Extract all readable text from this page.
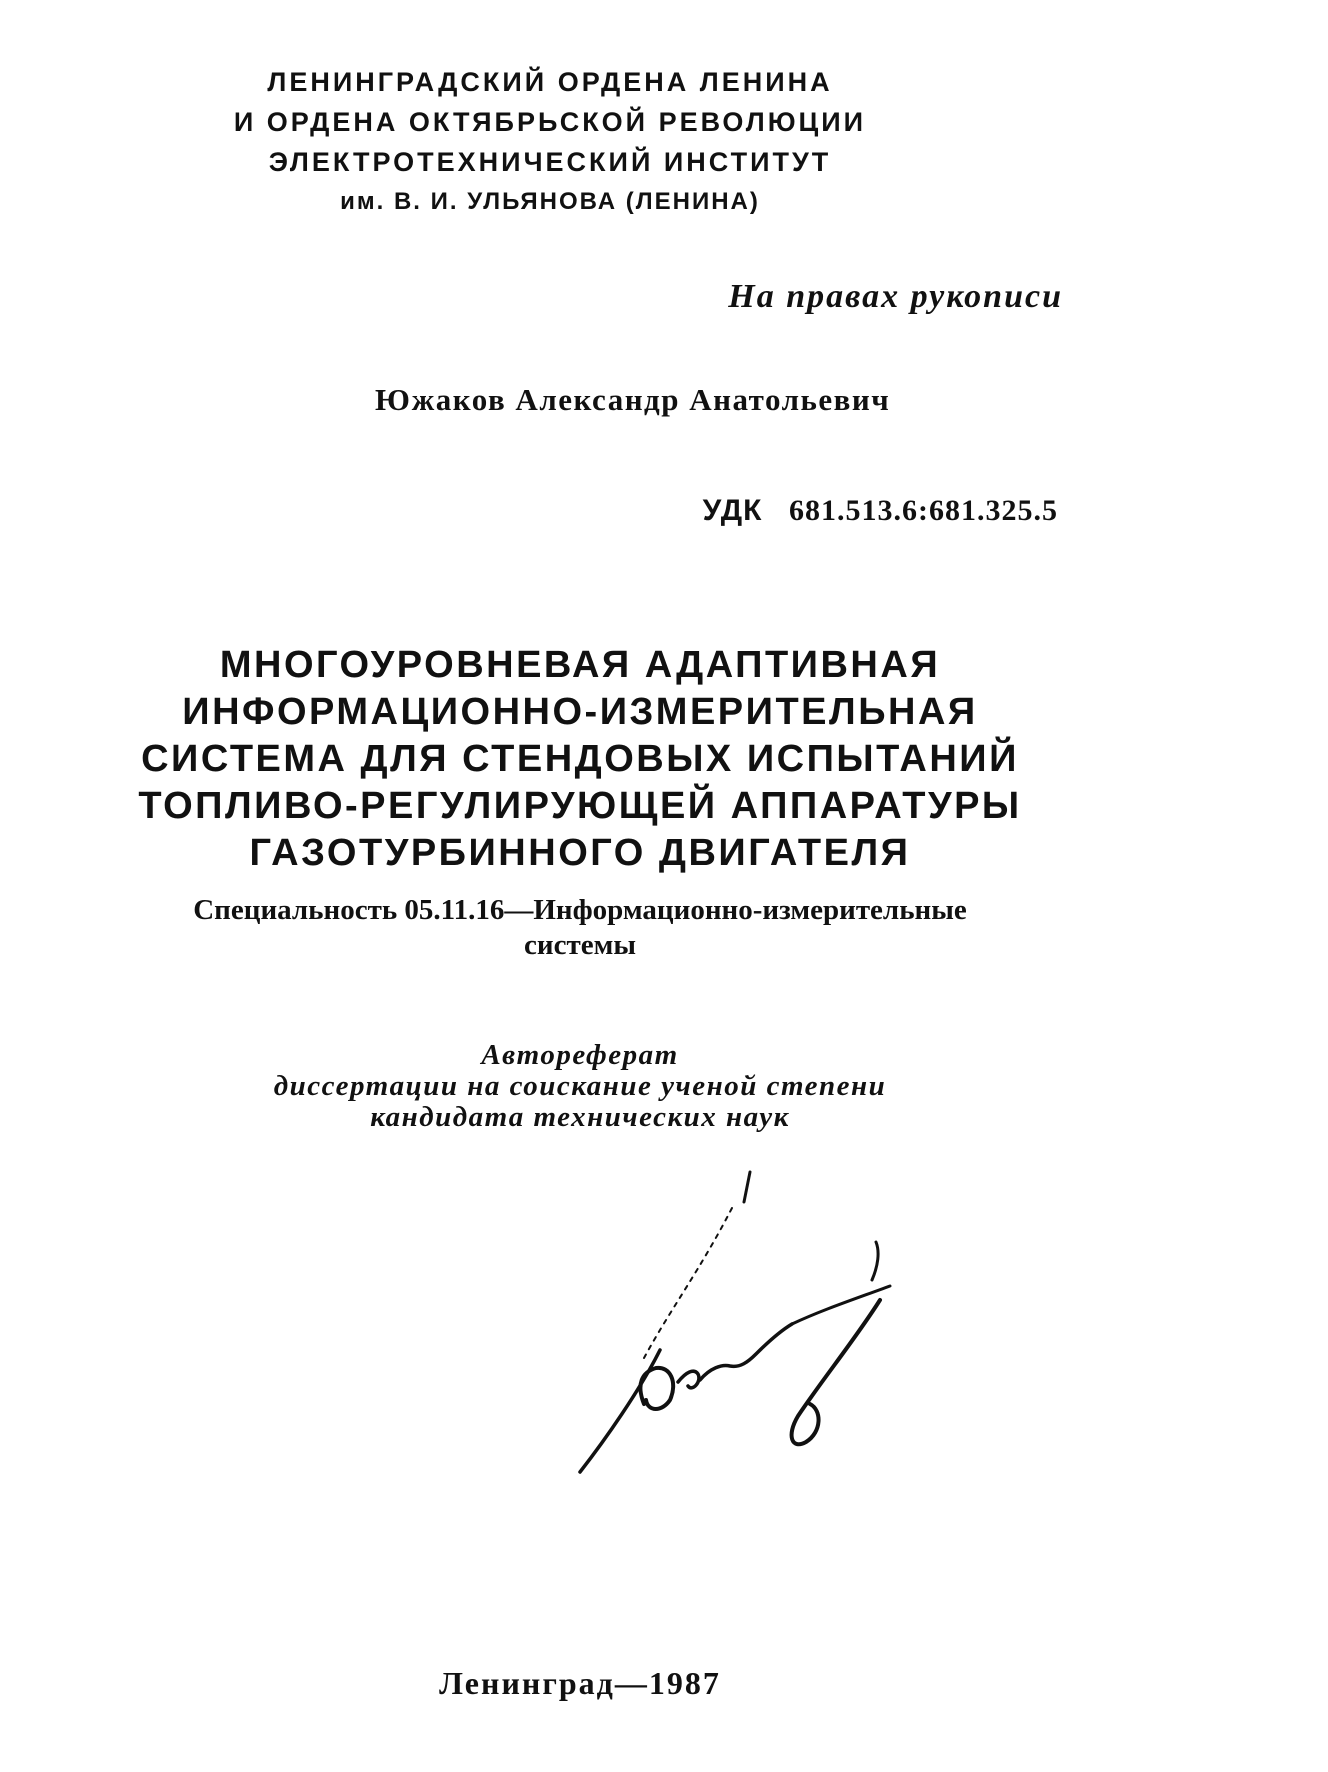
ЛЕНИНГРАДСКИЙ ОРДЕНА ЛЕНИНА
И ОРДЕНА ОКТЯБРЬСКОЙ РЕВОЛЮЦИИ
ЭЛЕКТРОТЕХНИЧЕСКИЙ ИНСТИТУТ
им. В. И. УЛЬЯНОВА (ЛЕНИНА)
На правах рукописи
Южаков Александр Анатольевич
УДК 681.513.6:681.325.5
МНОГОУРОВНЕВАЯ АДАПТИВНАЯ
ИНФОРМАЦИОННО-ИЗМЕРИТЕЛЬНАЯ
СИСТЕМА ДЛЯ СТЕНДОВЫХ ИСПЫТАНИЙ
ТОПЛИВО-РЕГУЛИРУЮЩЕЙ АППАРАТУРЫ
ГАЗОТУРБИННОГО ДВИГАТЕЛЯ
Специальность 05.11.16—Информационно-измерительные
системы
Автореферат
диссертации на соискание ученой степени
кандидата технических наук
Ленинград—1987
